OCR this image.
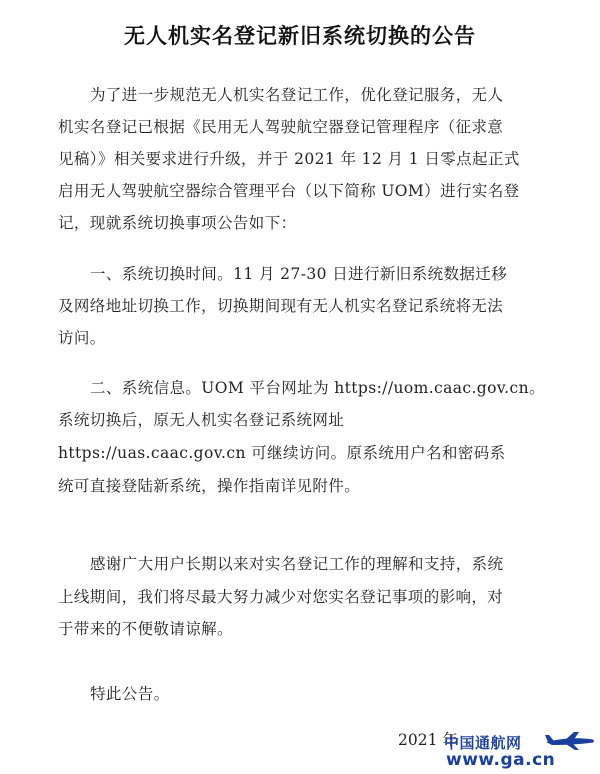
无人机实名登记新旧系统切换的公告
为了进一步规范无人机实名登记工作，优化登记服务，无人
机实名登记已根据《民用无人驾驶航空器登记管理程序（征求意
见稿）》相关要求进行升级，并于 2021 年 12 月 1 日零点起正式
启用无人驾驶航空器综合管理平台（以下简称 UOM）进行实名登
记，现就系统切换事项公告如下：
一、系统切换时间。11 月 27-30 日进行新旧系统数据迁移
及网络地址切换工作，切换期间现有无人机实名登记系统将无法
访问。
二、系统信息。UOM 平台网址为 https://uom.caac.gov.cn。
系统切换后，原无人机实名登记系统网址
https://uas.caac.gov.cn 可继续访问。原系统用户名和密码系
统可直接登陆新系统，操作指南详见附件。
感谢广大用户长期以来对实名登记工作的理解和支持，系统
上线期间，我们将尽最大努力减少对您实名登记事项的影响，对
于带来的不便敬请谅解。
特此公告。
2021 年
中国通航网
www.ga.cn
